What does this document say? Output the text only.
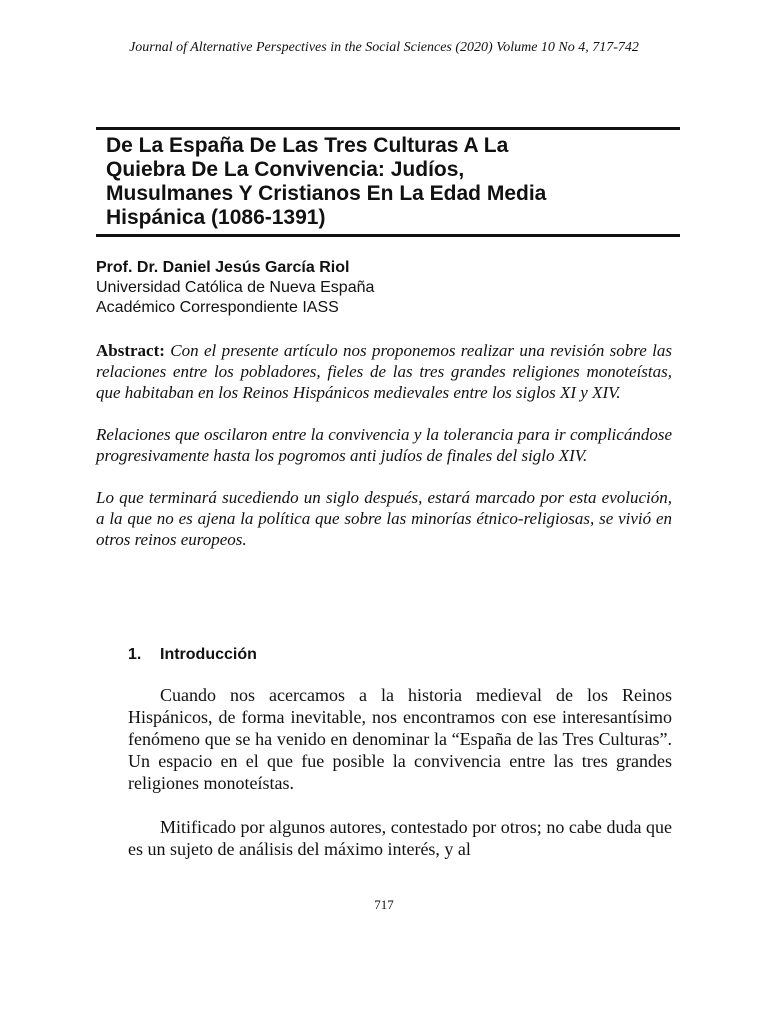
Journal of Alternative Perspectives in the Social Sciences (2020) Volume 10 No 4, 717-742
De La España De Las Tres Culturas A La
Quiebra De La Convivencia: Judíos,
Musulmanes Y Cristianos En La Edad Media
Hispánica (1086-1391)
Prof. Dr. Daniel Jesús García Riol
Universidad Católica de Nueva España
Académico Correspondiente IASS

Abstract: Con el presente artículo nos proponemos realizar una revisión sobre las relaciones entre los pobladores, fieles de las tres grandes religiones monoteístas, que habitaban en los Reinos Hispánicos medievales entre los siglos XI y XIV.

Relaciones que oscilaron entre la convivencia y la tolerancia para ir complicándose progresivamente hasta los pogromos anti judíos de finales del siglo XIV.

Lo que terminará sucediendo un siglo después, estará marcado por esta evolución, a la que no es ajena la política que sobre las minorías étnico-religiosas, se vivió en otros reinos europeos.

1. Introducción

Cuando nos acercamos a la historia medieval de los Reinos Hispánicos, de forma inevitable, nos encontramos con ese interesantísimo fenómeno que se ha venido en denominar la “España de las Tres Culturas”. Un espacio en el que fue posible la convivencia entre las tres grandes religiones monoteístas.

Mitificado por algunos autores, contestado por otros; no cabe duda que es un sujeto de análisis del máximo interés, y al

717
